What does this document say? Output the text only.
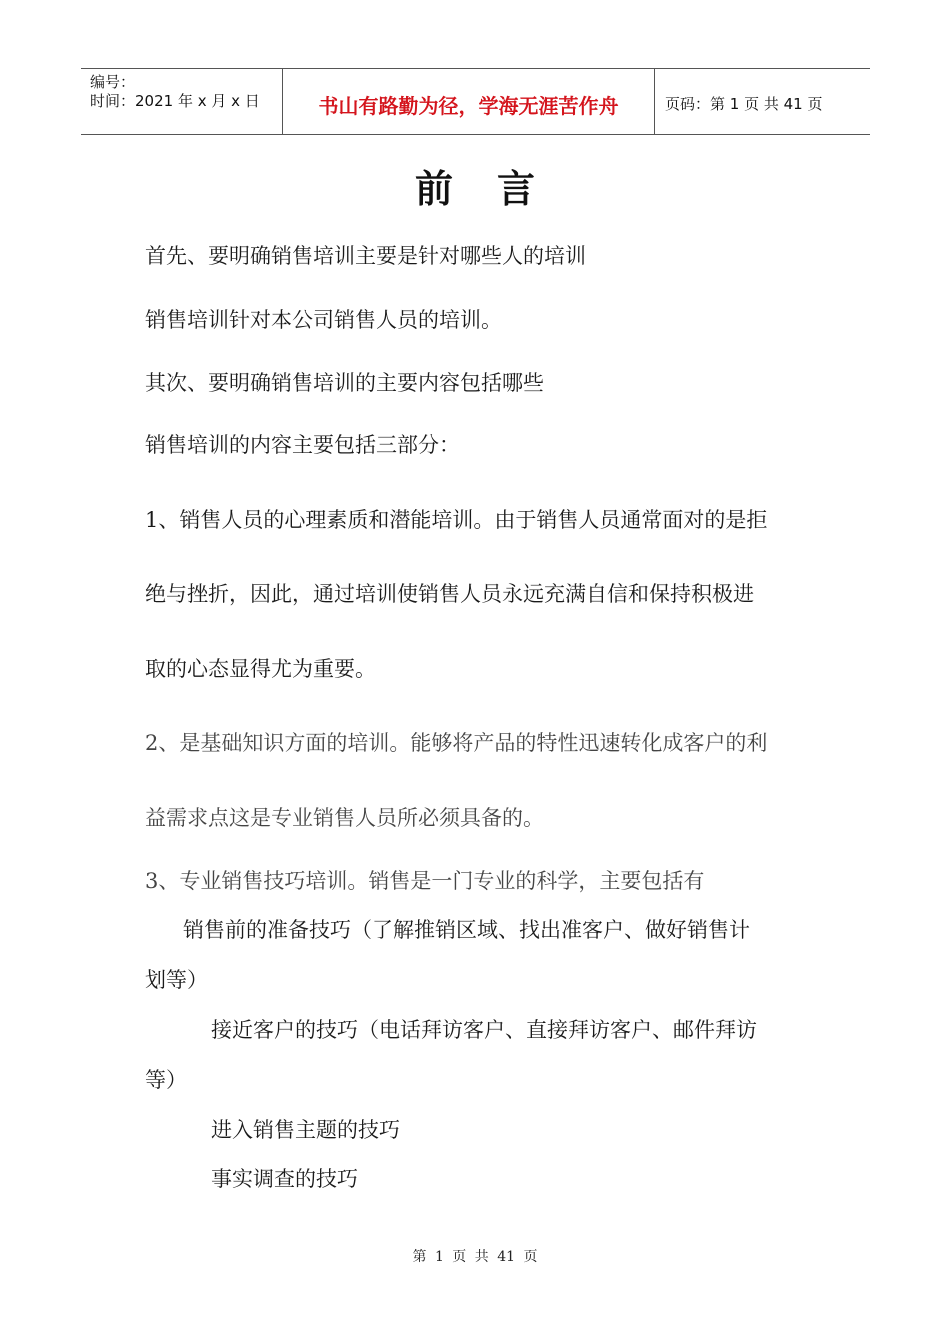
编号：
时间：2021 年 x 月 x 日	书山有路勤为径，学海无涯苦作舟	页码：第 1 页 共 41 页
前言
首先、要明确销售培训主要是针对哪些人的培训
销售培训针对本公司销售人员的培训。
其次、要明确销售培训的主要内容包括哪些
销售培训的内容主要包括三部分：
1、销售人员的心理素质和潜能培训。由于销售人员通常面对的是拒
绝与挫折，因此，通过培训使销售人员永远充满自信和保持积极进
取的心态显得尤为重要。
2、是基础知识方面的培训。能够将产品的特性迅速转化成客户的利
益需求点这是专业销售人员所必须具备的。
3、专业销售技巧培训。销售是一门专业的科学，主要包括有
销售前的准备技巧（了解推销区域、找出准客户、做好销售计
划等）
接近客户的技巧（电话拜访客户、直接拜访客户、邮件拜访
等）
进入销售主题的技巧
事实调查的技巧
第 1 页 共 41 页
